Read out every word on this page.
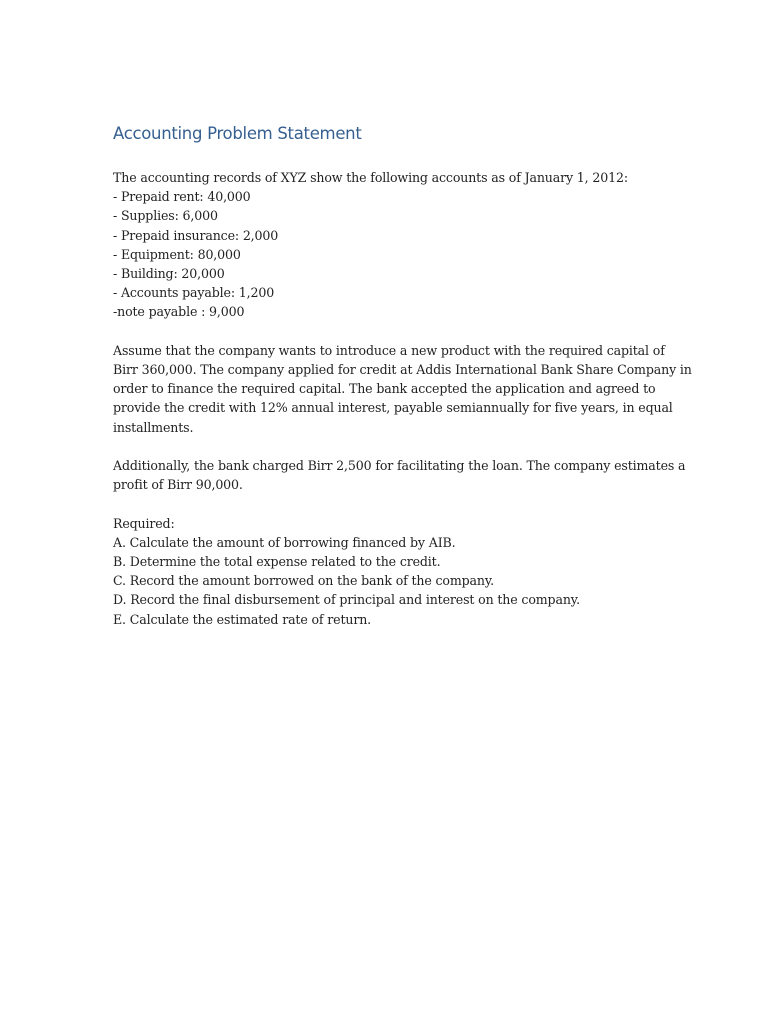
Accounting Problem Statement
The accounting records of XYZ show the following accounts as of January 1, 2012:
- Prepaid rent: 40,000
- Supplies: 6,000
- Prepaid insurance: 2,000
- Equipment: 80,000
- Building: 20,000
- Accounts payable: 1,200
-note payable : 9,000
Assume that the company wants to introduce a new product with the required capital of
Birr 360,000. The company applied for credit at Addis International Bank Share Company in
order to finance the required capital. The bank accepted the application and agreed to
provide the credit with 12% annual interest, payable semiannually for five years, in equal
installments.
Additionally, the bank charged Birr 2,500 for facilitating the loan. The company estimates a
profit of Birr 90,000.
Required:
A. Calculate the amount of borrowing financed by AIB.
B. Determine the total expense related to the credit.
C. Record the amount borrowed on the bank of the company.
D. Record the final disbursement of principal and interest on the company.
E. Calculate the estimated rate of return.
